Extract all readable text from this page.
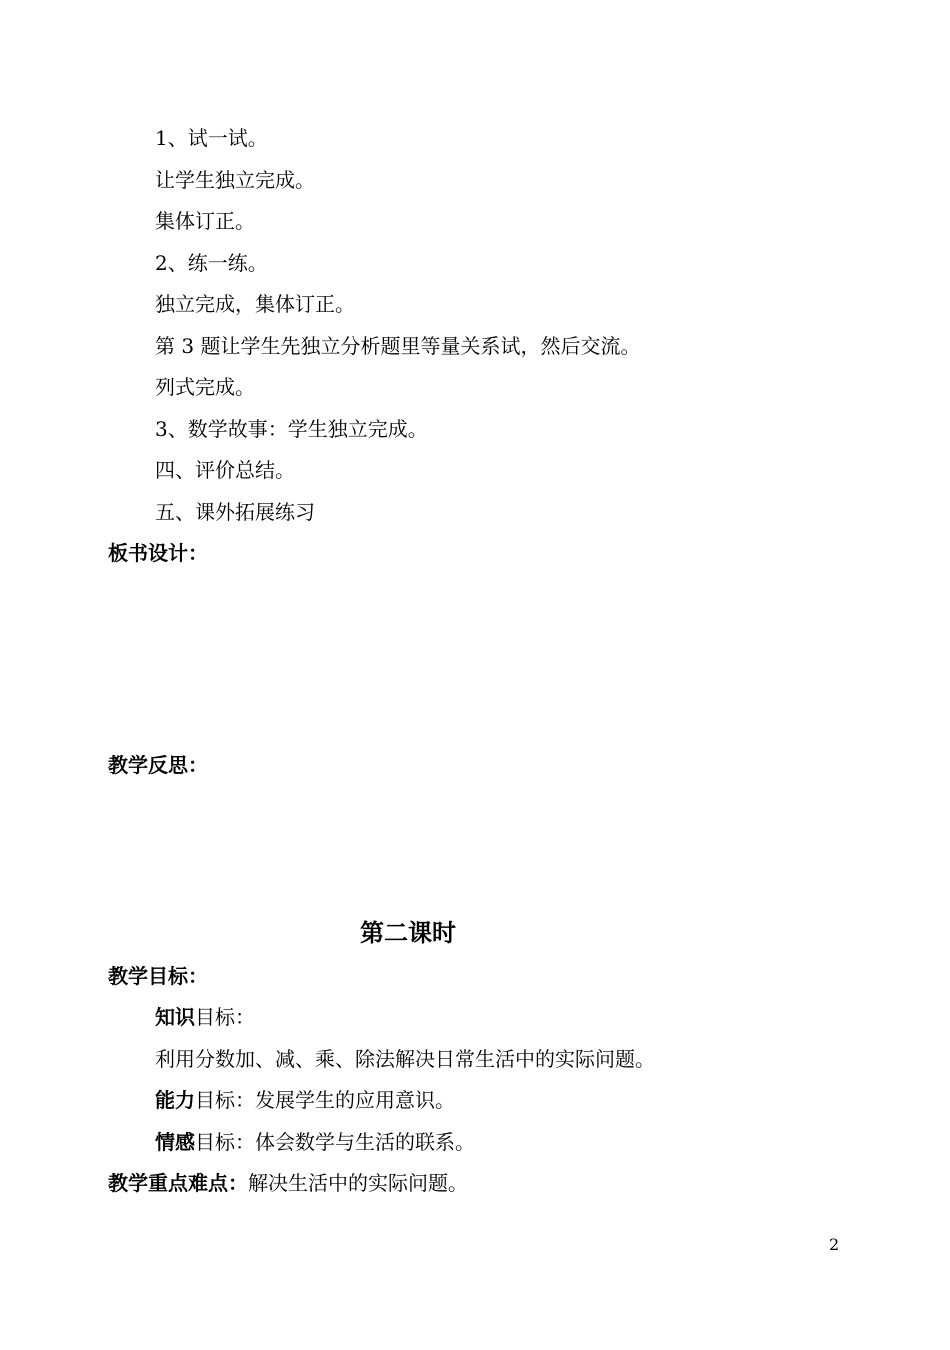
1、试一试。
让学生独立完成。
集体订正。
2、练一练。
独立完成，集体订正。
第 3 题让学生先独立分析题里等量关系试，然后交流。
列式完成。
3、数学故事：学生独立完成。
四、评价总结。
五、课外拓展练习
板书设计：
教学反思：
第二课时
教学目标：
知识目标：
利用分数加、减、乘、除法解决日常生活中的实际问题。
能力目标：发展学生的应用意识。
情感目标：体会数学与生活的联系。
教学重点难点：解决生活中的实际问题。
2
